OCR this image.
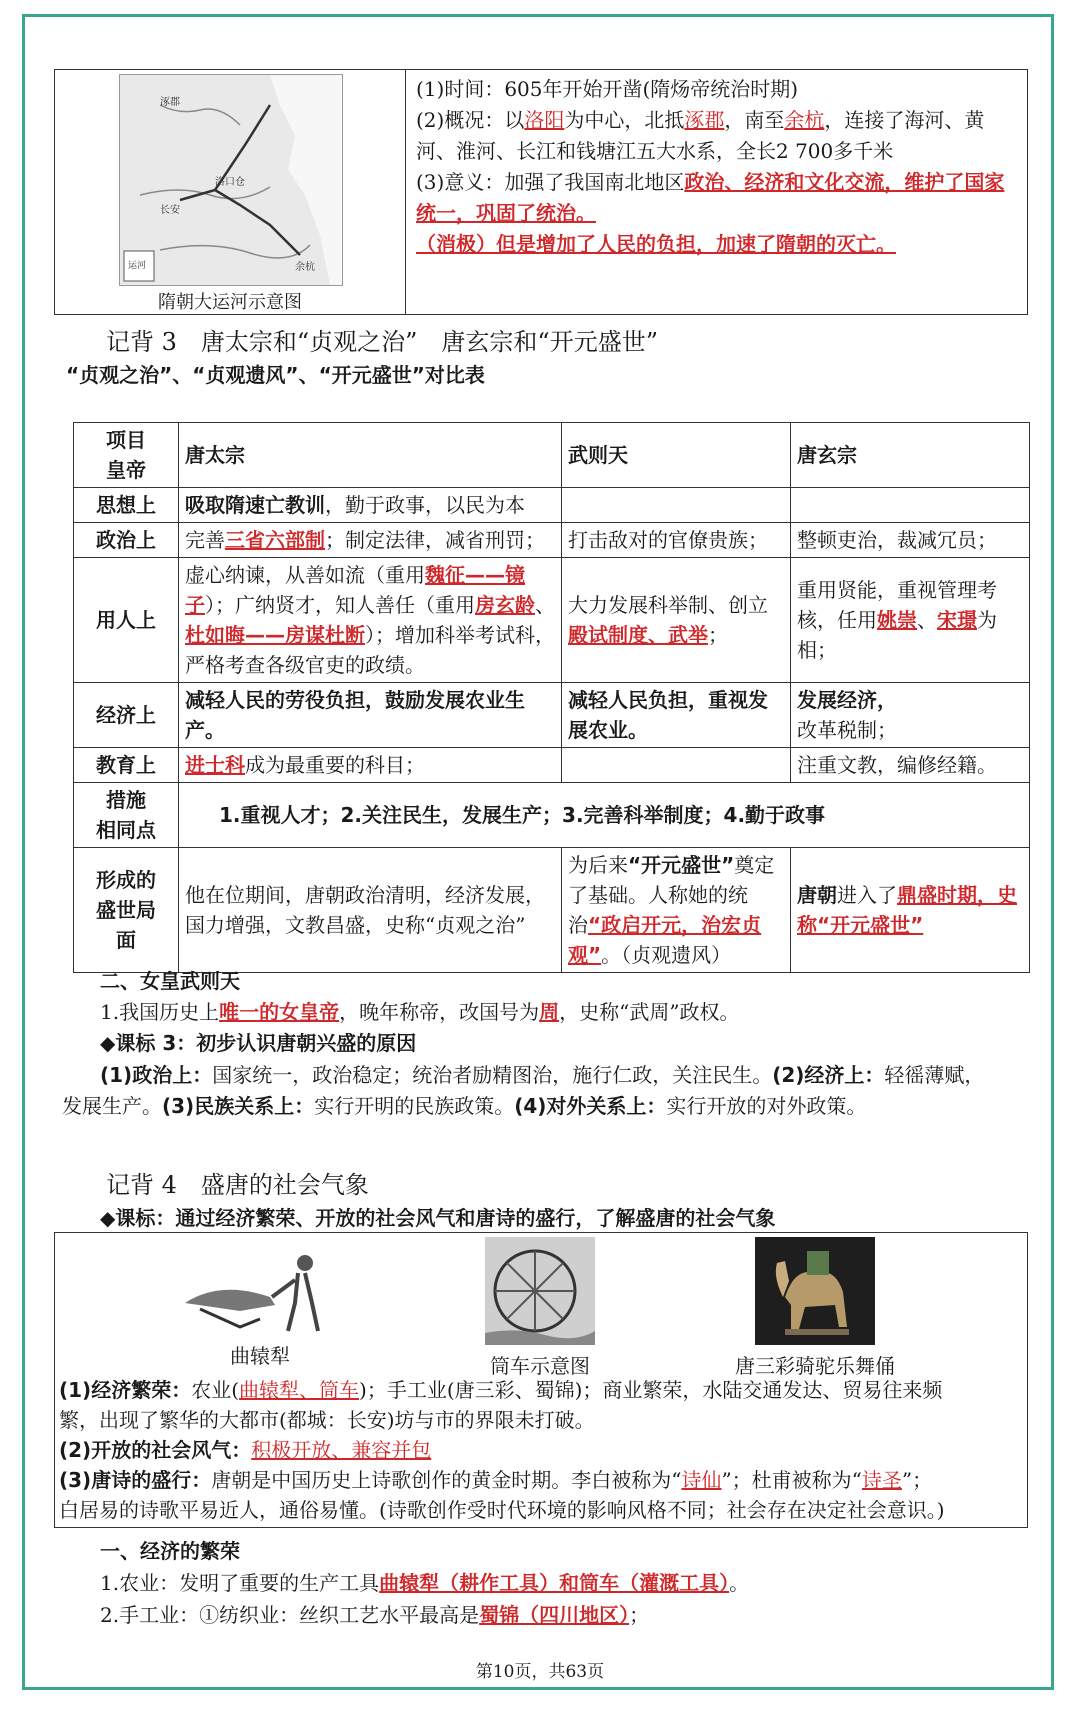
涿郡
长安
洛口仓
余杭
运河
隋朝大运河示意图
(1)时间：605年开始开凿(隋炀帝统治时期)
(2)概况：以洛阳为中心，北抵涿郡，南至余杭，连接了海河、黄河、淮河、长江和钱塘江五大水系，全长2 700多千米
(3)意义：加强了我国南北地区政治、经济和文化交流，维护了国家统一，巩固了统治。
（消极）但是增加了人民的负担，加速了隋朝的灭亡。
记背 3　唐太宗和“贞观之治”　唐玄宗和“开元盛世”
“贞观之治”、“贞观遗风”、“开元盛世”对比表
项目
皇帝	唐太宗	武则天	唐玄宗
思想上	吸取隋速亡教训，勤于政事，以民为本		
政治上	完善三省六部制；制定法律，减省刑罚；	打击敌对的官僚贵族；	整顿吏治，裁减冗员；
用人上	虚心纳谏，从善如流（重用魏征——镜子）；广纳贤才，知人善任（重用房玄龄、杜如晦——房谋杜断）；增加科举考试科，严格考查各级官吏的政绩。	大力发展科举制、创立殿试制度、武举；	重用贤能，重视管理考核，任用姚崇、宋璟为相；
经济上	减轻人民的劳役负担，鼓励发展农业生产。	减轻人民负担，重视发展农业。	发展经济，
改革税制；
教育上	进士科成为最重要的科目；		注重文教，编修经籍。
措施
相同点	1.重视人才；2.关注民生，发展生产；3.完善科举制度；4.勤于政事		
形成的
盛世局
面	他在位期间，唐朝政治清明，经济发展，国力增强，文教昌盛，史称“贞观之治”	为后来“开元盛世”奠定了基础。人称她的统治“政启开元，治宏贞观”。（贞观遗风）	唐朝进入了鼎盛时期，史称“开元盛世”
二、女皇武则天
1.我国历史上唯一的女皇帝，晚年称帝，改国号为周，史称“武周”政权。
◆课标 3：初步认识唐朝兴盛的原因
(1)政治上：国家统一，政治稳定；统治者励精图治，施行仁政，关注民生。(2)经济上：轻徭薄赋，
发展生产。(3)民族关系上：实行开明的民族政策。(4)对外关系上：实行开放的对外政策。
记背 4　盛唐的社会气象
◆课标：通过经济繁荣、开放的社会风气和唐诗的盛行，了解盛唐的社会气象
曲辕犁	筒车示意图	唐三彩骑驼乐舞俑
(1)经济繁荣：农业(曲辕犁、筒车)；手工业(唐三彩、蜀锦)；商业繁荣，水陆交通发达、贸易往来频
繁，出现了繁华的大都市(都城：长安)坊与市的界限未打破。
(2)开放的社会风气：积极开放、兼容并包
(3)唐诗的盛行：唐朝是中国历史上诗歌创作的黄金时期。李白被称为“诗仙”；杜甫被称为“诗圣”；
白居易的诗歌平易近人，通俗易懂。(诗歌创作受时代环境的影响风格不同；社会存在决定社会意识。)
一、经济的繁荣
1.农业：发明了重要的生产工具曲辕犁（耕作工具）和筒车（灌溉工具）。
2.手工业：①纺织业：丝织工艺水平最高是蜀锦（四川地区）；
第10页，共63页
